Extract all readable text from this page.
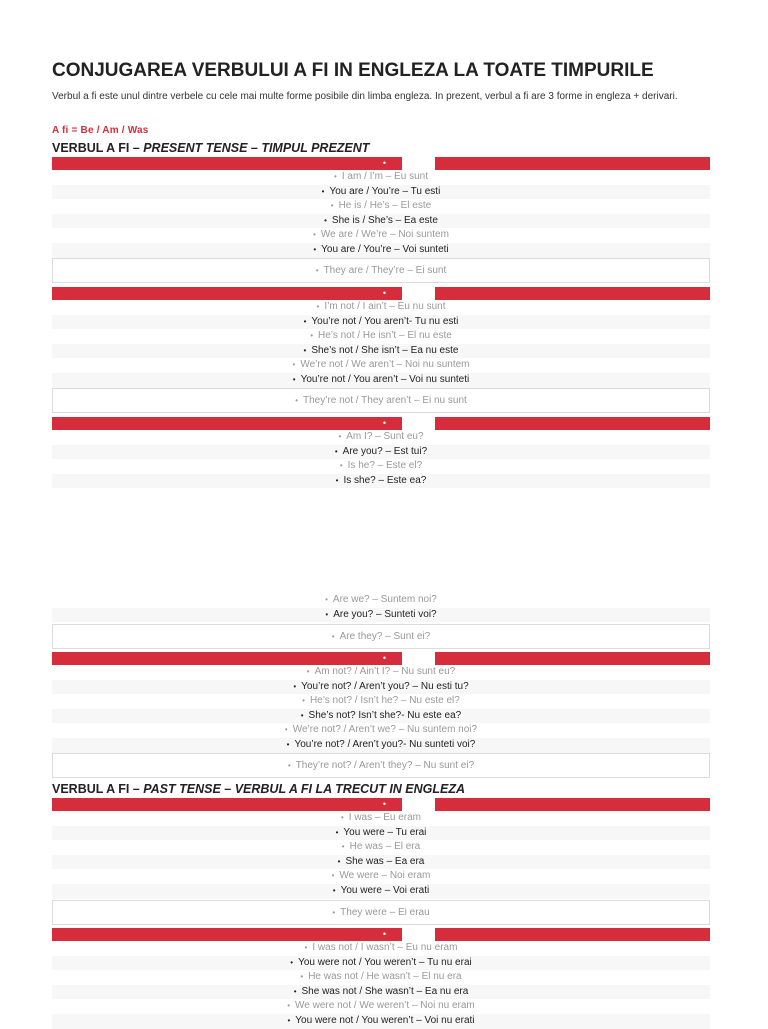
CONJUGAREA VERBULUI A FI IN ENGLEZA LA TOATE TIMPURILE
Verbul a fi este unul dintre verbele cu cele mai multe forme posibile din limba engleza. In prezent, verbul a fi are 3 forme in engleza + derivari.
A fi = Be / Am / Was
VERBUL A FI – PRESENT TENSE – TIMPUL PREZENT
•
• I am / I’m – Eu sunt
• You are / You’re – Tu esti
• He is / He’s – El este
• She is / She’s – Ea este
• We are / We’re – Noi suntem
• You are / You’re – Voi sunteti
• They are / They’re – Ei sunt
•
• I’m not / I ain’t – Eu nu sunt
• You’re not / You aren’t- Tu nu esti
• He’s not / He isn’t – El nu este
• She’s not / She isn’t – Ea nu este
• We’re not / We aren’t – Noi nu suntem
• You’re not / You aren’t – Voi nu sunteti
• They’re not / They aren’t – Ei nu sunt
•
• Am I? – Sunt eu?
• Are you? – Est tui?
• Is he? – Este el?
• Is she? – Este ea?
• Are we? – Suntem noi?
• Are you? – Sunteti voi?
• Are they? – Sunt ei?
•
• Am not? / Ain’t I? – Nu sunt eu?
• You’re not? / Aren’t you? – Nu esti tu?
• He’s not? / Isn’t he? – Nu este el?
• She’s not? Isn’t she?- Nu este ea?
• We’re not? / Aren’t we? – Nu suntem noi?
• You’re not? / Aren’t you?- Nu sunteti voi?
• They’re not? / Aren’t they? – Nu sunt ei?
VERBUL A FI – PAST TENSE – VERBUL A FI LA TRECUT IN ENGLEZA
•
• I was – Eu eram
• You were – Tu erai
• He was – El era
• She was – Ea era
• We were – Noi eram
• You were – Voi erati
• They were – Ei erau
•
• I was not / I wasn’t – Eu nu eram
• You were not / You weren’t – Tu nu erai
• He was not / He wasn’t – El nu era
• She was not / She wasn’t – Ea nu era
• We were not / We weren’t – Noi nu eram
• You were not / You weren’t – Voi nu erati
